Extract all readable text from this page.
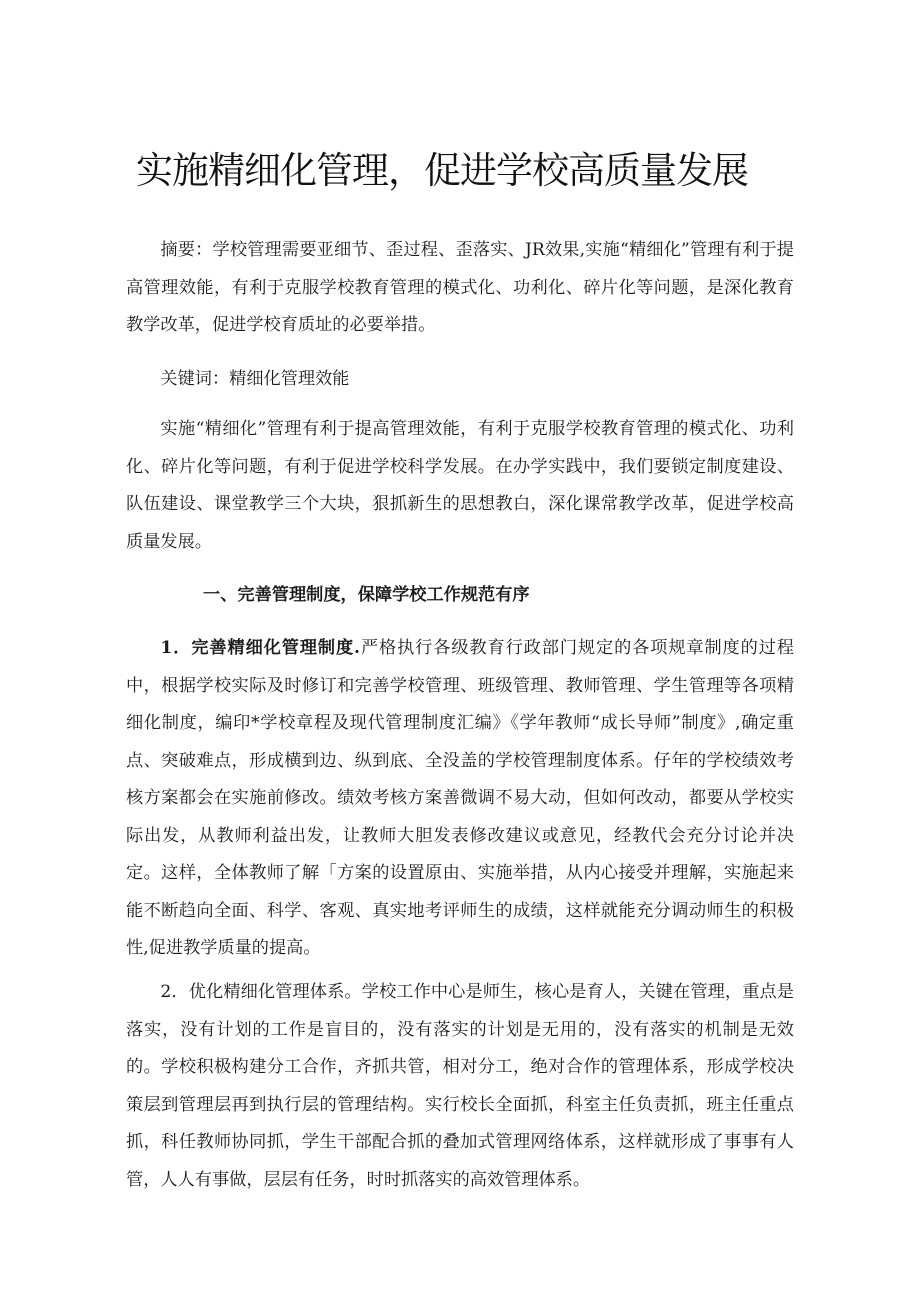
实施精细化管理，促进学校高质量发展
摘要：学校管理需要亚细节、歪过程、歪落实、JR效果,实施“精细化”管理有利于提高管理效能，有利于克服学校教育管理的模式化、功利化、碎片化等问题，是深化教育教学改革，促进学校育质址的必要举措。
关键词：精细化管理效能
实施“精细化”管理有利于提高管理效能，有利于克服学校教育管理的模式化、功利化、碎片化等问题，有利于促进学校科学发展。在办学实践中，我们要锁定制度建设、队伍建设、课堂教学三个大块，狠抓新生的思想教白，深化课常教学改革，促进学校高质量发展。
一、完善管理制度，保障学校工作规范有序
1．完善精细化管理制度.严格执行各级教育行政部门规定的各项规章制度的过程中，根据学校实际及时修订和完善学校管理、班级管理、教师管理、学生管理等各项精细化制度，编印*学校章程及现代管理制度汇编》《学年教师“成长导师”制度》,确定重点、突破难点，形成横到边、纵到底、全没盖的学校管理制度体系。仔年的学校绩效考核方案都会在实施前修改。绩效考核方案善微调不易大动，但如何改动，都要从学校实际出发，从教师利益出发，让教师大胆发表修改建议或意见，经教代会充分讨论并决定。这样，全体教师了解「方案的设置原由、实施举措，从内心接受并理解，实施起来能不断趋向全面、科学、客观、真实地考评师生的成绩，这样就能充分调动师生的积极性,促进教学质量的提高。
2．优化精细化管理体系。学校工作中心是师生，核心是育人，关键在管理，重点是落实，没有计划的工作是盲目的，没有落实的计划是无用的，没有落实的机制是无效的。学校积极构建分工合作，齐抓共管，相对分工，绝对合作的管理体系，形成学校决策层到管理层再到执行层的管理结构。实行校长全面抓，科室主任负责抓，班主任重点抓，科任教师协同抓，学生干部配合抓的叠加式管理网络体系，这样就形成了事事有人管，人人有事做，层层有任务，时时抓落实的高效管理体系。
